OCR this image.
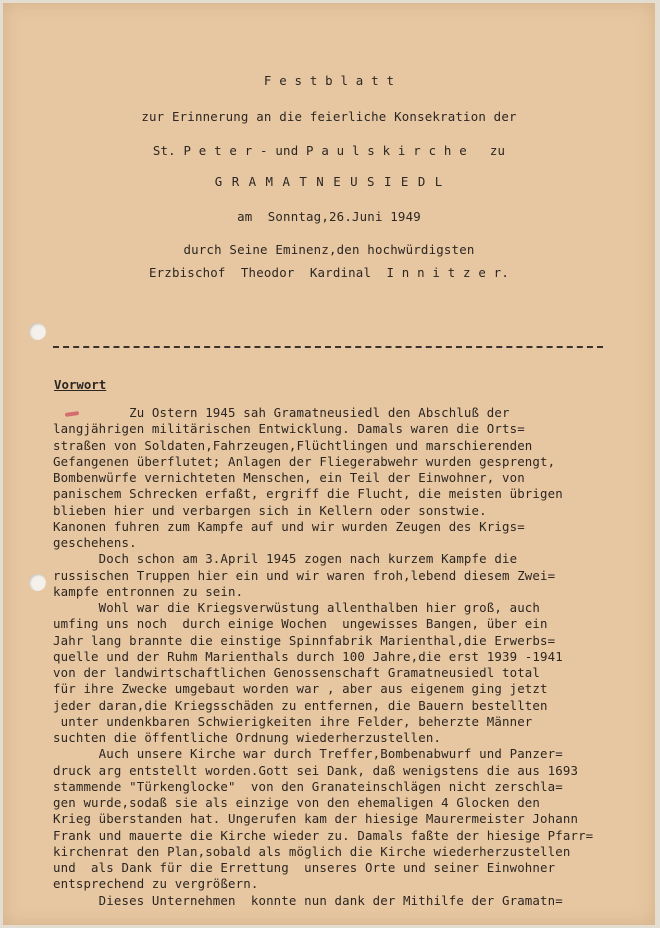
F e s t b l a t t
zur Erinnerung an die feierliche Konsekration der
St. P e t e r - und P a u l s k i r c h e   zu
G R A M A T N E U S I E D L
am  Sonntag,26.Juni 1949
durch Seine Eminenz,den hochwürdigsten
Erzbischof  Theodor  Kardinal  I n n i t z e r.
Vorwort
Zu Ostern 1945 sah Gramatneusiedl den Abschluß der
langjährigen militärischen Entwicklung. Damals waren die Orts=
straßen von Soldaten,Fahrzeugen,Flüchtlingen und marschierenden
Gefangenen überflutet; Anlagen der Fliegerabwehr wurden gesprengt,
Bombenwürfe vernichteten Menschen, ein Teil der Einwohner, von
panischem Schrecken erfaßt, ergriff die Flucht, die meisten übrigen
blieben hier und verbargen sich in Kellern oder sonstwie.
Kanonen fuhren zum Kampfe auf und wir wurden Zeugen des Krigs=
geschehens.
Doch schon am 3.April 1945 zogen nach kurzem Kampfe die
russischen Truppen hier ein und wir waren froh,lebend diesem Zwei=
kampfe entronnen zu sein.
Wohl war die Kriegsverwüstung allenthalben hier groß, auch
umfing uns noch  durch einige Wochen  ungewisses Bangen, über ein
Jahr lang brannte die einstige Spinnfabrik Marienthal,die Erwerbs=
quelle und der Ruhm Marienthals durch 100 Jahre,die erst 1939 -1941
von der landwirtschaftlichen Genossenschaft Gramatneusiedl total
für ihre Zwecke umgebaut worden war , aber aus eigenem ging jetzt
jeder daran,die Kriegsschäden zu entfernen, die Bauern bestellten
unter undenkbaren Schwierigkeiten ihre Felder, beherzte Männer
suchten die öffentliche Ordnung wiederherzustellen.
Auch unsere Kirche war durch Treffer,Bombenabwurf und Panzer=
druck arg entstellt worden.Gott sei Dank, daß wenigstens die aus 1693
stammende "Türkenglocke"  von den Granateinschlägen nicht zerschla=
gen wurde,sodaß sie als einzige von den ehemaligen 4 Glocken den
Krieg überstanden hat. Ungerufen kam der hiesige Maurermeister Johann
Frank und mauerte die Kirche wieder zu. Damals faßte der hiesige Pfarr=
kirchenrat den Plan,sobald als möglich die Kirche wiederherzustellen
und  als Dank für die Errettung  unseres Orte und seiner Einwohner
entsprechend zu vergrößern.
Dieses Unternehmen  konnte nun dank der Mithilfe der Gramatn=
